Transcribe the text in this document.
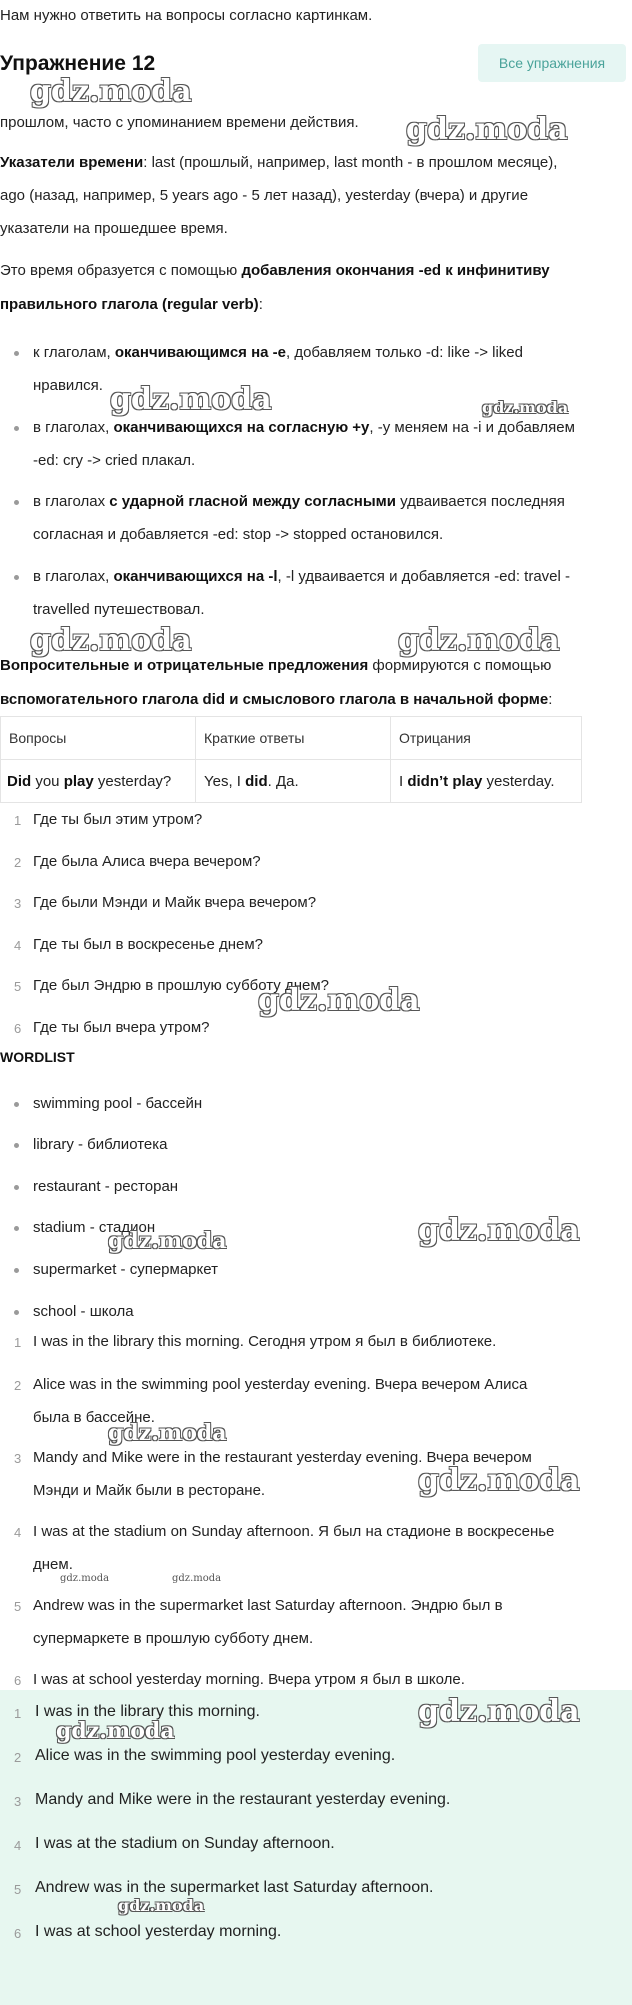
Нам нужно ответить на вопросы согласно картинкам.
Упражнение 12	Все упражнения
прошлом, часто с упоминанием времени действия.
Указатели времени: last (прошлый, например, last month - в прошлом месяце),
ago (назад, например, 5 years ago - 5 лет назад), yesterday (вчера) и другие
указатели на прошедшее время.
Это время образуется с помощью добавления окончания -ed к инфинитиву
правильного глагола (regular verb):
к глаголам, оканчивающимся на -e, добавляем только -d: like -> liked
нравился.
в глаголах, оканчивающихся на согласную +y, -y меняем на -i и добавляем
-ed: cry -> cried плакал.
в глаголах с ударной гласной между согласными удваивается последняя
согласная и добавляется -ed: stop -> stopped остановился.
в глаголах, оканчивающихся на -l, -l удваивается и добавляется -ed: travel -
travelled путешествовал.
Вопросительные и отрицательные предложения формируются с помощью
вспомогательного глагола did и смыслового глагола в начальной форме:
Вопросы	Краткие ответы	Отрицания
Did you play yesterday?	Yes, I did. Да.	I didn’t play yesterday.
1 Где ты был этим утром?
2 Где была Алиса вчера вечером?
3 Где были Мэнди и Майк вчера вечером?
4 Где ты был в воскресенье днем?
5 Где был Эндрю в прошлую субботу днем?
6 Где ты был вчера утром?
WORDLIST
swimming pool - бассейн
library - библиотека
restaurant - ресторан
stadium - стадион
supermarket - супермаркет
school - школа
1 I was in the library this morning. Сегодня утром я был в библиотеке.
2 Alice was in the swimming pool yesterday evening. Вчера вечером Алиса
была в бассейне.
3 Mandy and Mike were in the restaurant yesterday evening. Вчера вечером
Мэнди и Майк были в ресторане.
4 I was at the stadium on Sunday afternoon. Я был на стадионе в воскресенье
днем.
5 Andrew was in the supermarket last Saturday afternoon. Эндрю был в
супермаркете в прошлую субботу днем.
6 I was at school yesterday morning. Вчера утром я был в школе.
1 I was in the library this morning.
2 Alice was in the swimming pool yesterday evening.
3 Mandy and Mike were in the restaurant yesterday evening.
4 I was at the stadium on Sunday afternoon.
5 Andrew was in the supermarket last Saturday afternoon.
6 I was at school yesterday morning.
gdz.moda
gdz.moda
gdz.moda	gdz.moda
gdz.moda	gdz.moda
gdz.moda
gdz.moda	gdz.moda
gdz.moda
gdz.moda
gdz.moda	gdz.moda
gdz.moda
gdz.moda
gdz.moda
